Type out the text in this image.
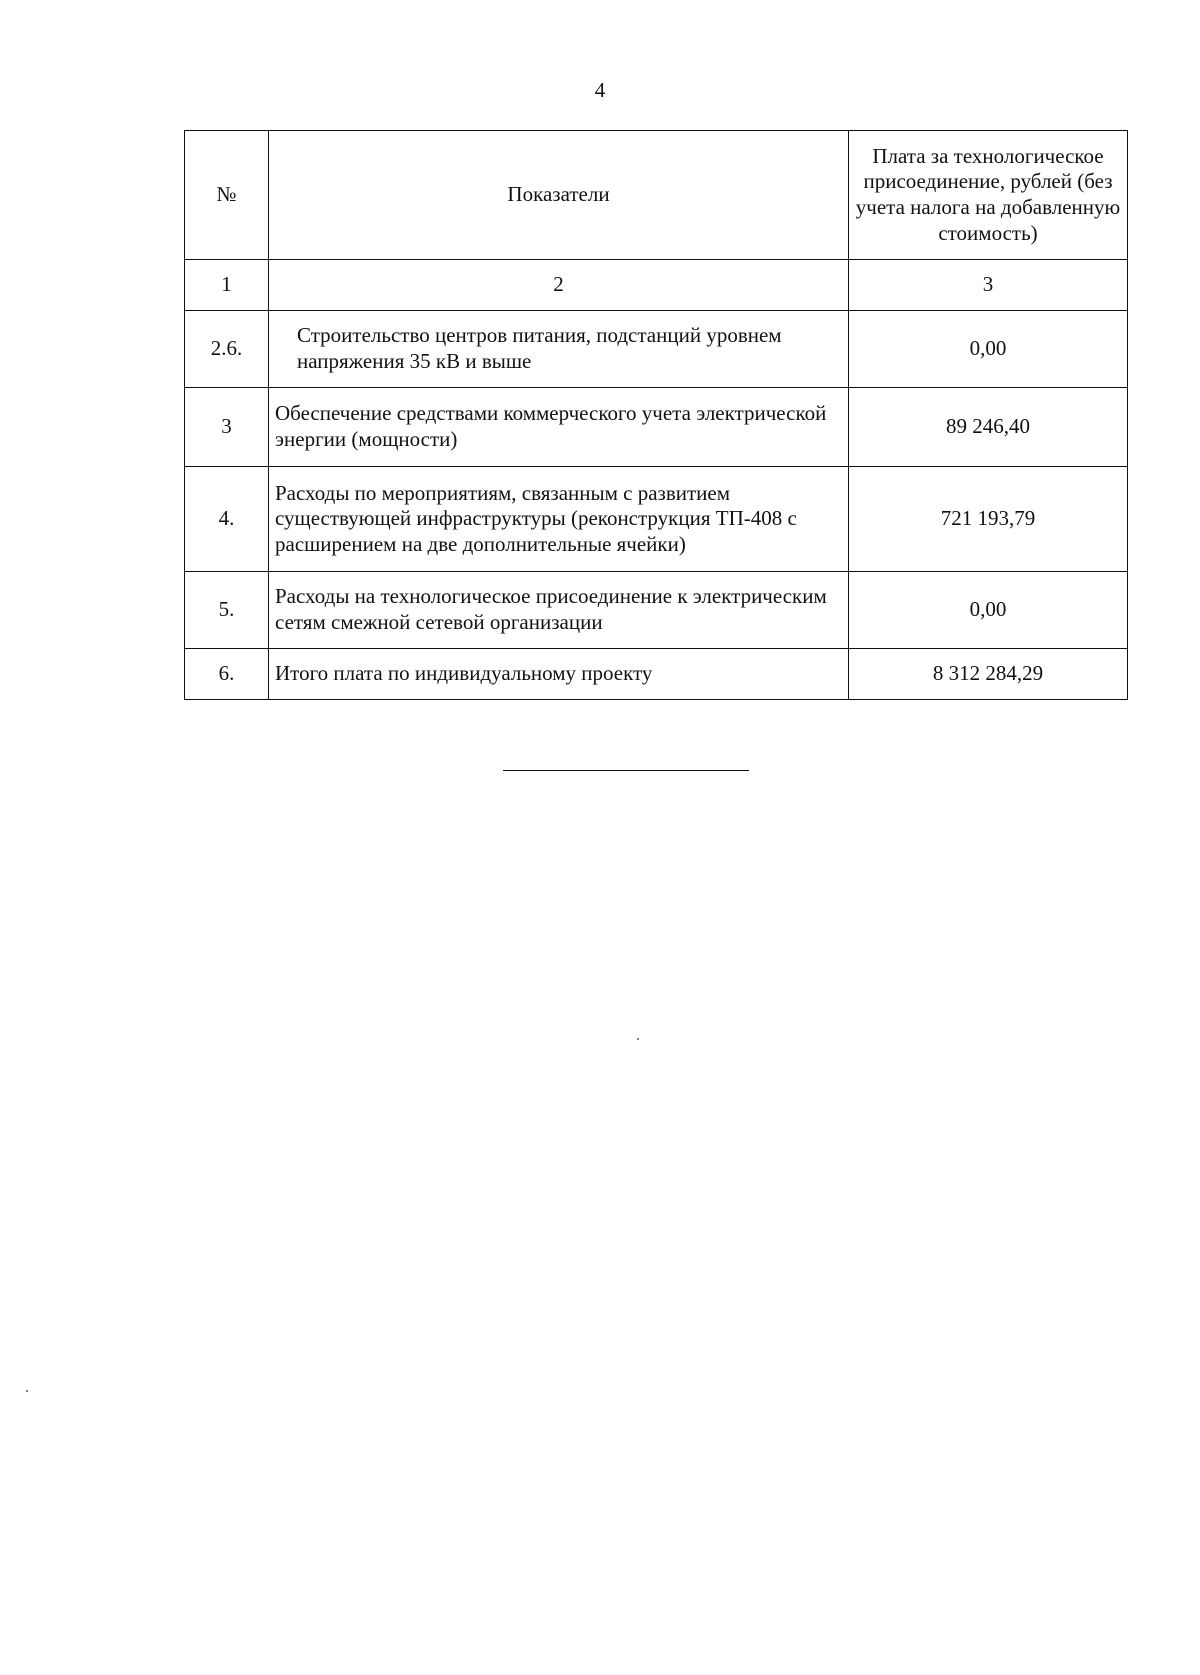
4
№	Показатели	Плата за технологическое присоединение, рублей (без учета налога на добавленную стоимость)
1	2	3
2.6.	Строительство центров питания, подстанций уровнем напряжения 35 кВ и выше	0,00
3	Обеспечение средствами коммерческого учета электрической энергии (мощности)	89 246,40
4.	Расходы по мероприятиям, связанным с развитием существующей инфраструктуры (реконструкция ТП-408 с расширением на две дополнительные ячейки)	721 193,79
5.	Расходы на технологическое присоединение к электрическим сетям смежной сетевой организации	0,00
6.	Итого плата по индивидуальному проекту	8 312 284,29
